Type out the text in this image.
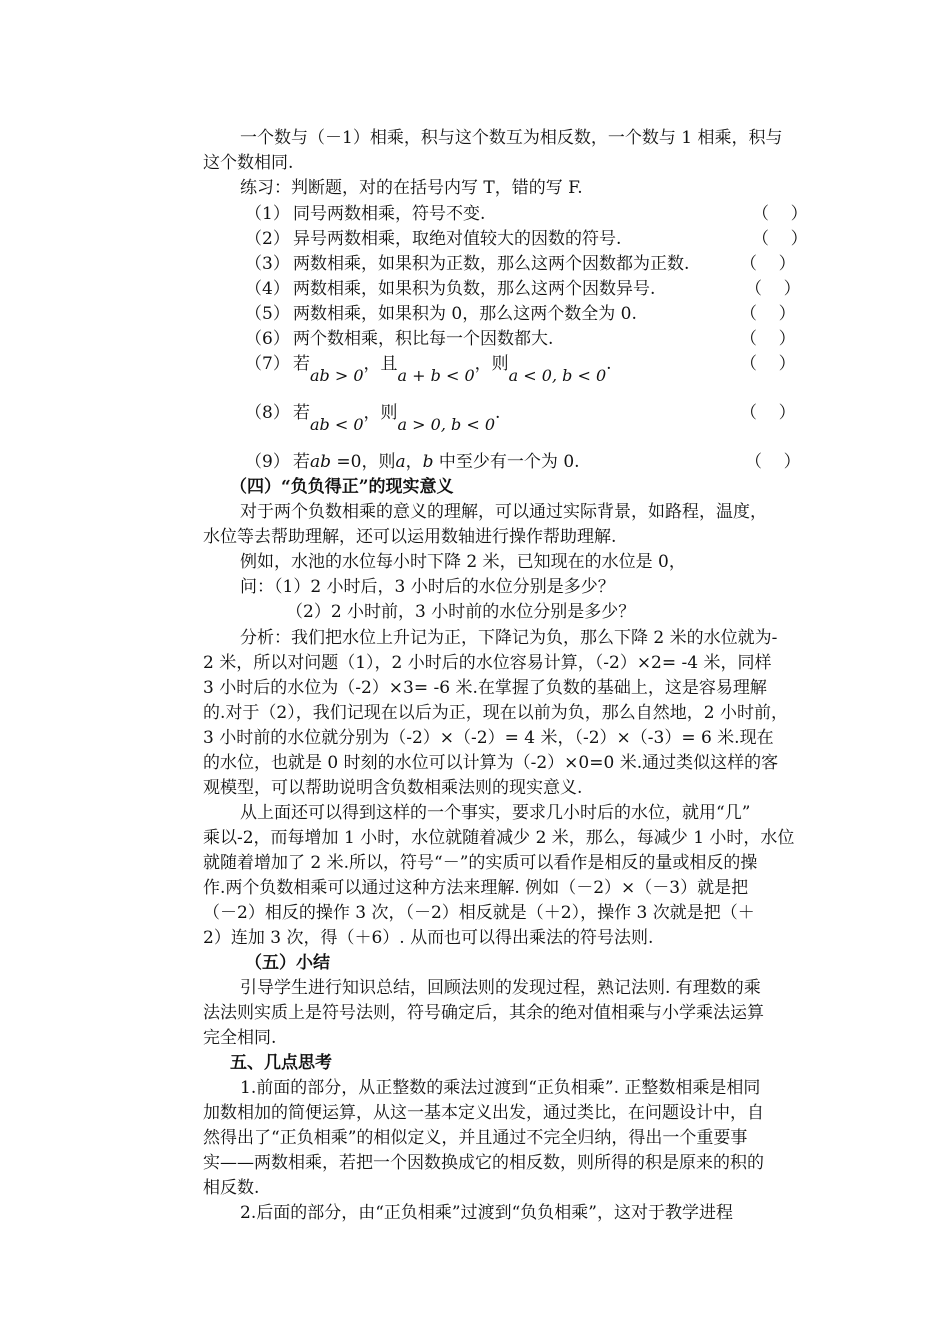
一个数与（－1）相乘，积与这个数互为相反数，一个数与 1 相乘，积与
这个数相同.
练习：判断题，对的在括号内写 T，错的写 F.
（1） 同号两数相乘，符号不变.	（    ）
（2） 异号两数相乘，取绝对值较大的因数的符号.	（    ）
（3） 两数相乘，如果积为正数，那么这两个因数都为正数.	（    ）
（4） 两数相乘，如果积为负数，那么这两个因数异号.	（    ）
（5） 两数相乘，如果积为 0，那么这两个数全为 0.	（    ）
（6） 两个数相乘，积比每一个因数都大.	（    ）
（7） 若ab > 0，且a + b < 0，则a < 0, b < 0.	（    ）
（8） 若ab < 0，则a > 0, b < 0.	（    ）
（9） 若ab =0，则a，b 中至少有一个为 0.	（    ）
（四）“负负得正”的现实意义
对于两个负数相乘的意义的理解，可以通过实际背景，如路程，温度，
水位等去帮助理解，还可以运用数轴进行操作帮助理解.
例如，水池的水位每小时下降 2 米，已知现在的水位是 0，
问：（1）2 小时后，3 小时后的水位分别是多少？
（2）2 小时前，3 小时前的水位分别是多少？
分析：我们把水位上升记为正，下降记为负，那么下降 2 米的水位就为-
2 米，所以对问题（1），2 小时后的水位容易计算，（-2）×2= -4 米，同样
3 小时后的水位为（-2）×3= -6 米.在掌握了负数的基础上，这是容易理解
的.对于（2），我们记现在以后为正，现在以前为负，那么自然地，2 小时前，
3 小时前的水位就分别为（-2）×（-2）= 4 米，（-2）×（-3）= 6 米.现在
的水位，也就是 0 时刻的水位可以计算为（-2）×0=0 米.通过类似这样的客
观模型，可以帮助说明含负数相乘法则的现实意义.
从上面还可以得到这样的一个事实，要求几小时后的水位，就用“几”
乘以-2，而每增加 1 小时，水位就随着减少 2 米，那么，每减少 1 小时，水位
就随着增加了 2 米.所以，符号“－”的实质可以看作是相反的量或相反的操
作.两个负数相乘可以通过这种方法来理解. 例如（－2）×（－3）就是把
（－2）相反的操作 3 次，（－2）相反就是（＋2），操作 3 次就是把（＋
2）连加 3 次，得（＋6）. 从而也可以得出乘法的符号法则.
（五）小结
引导学生进行知识总结，回顾法则的发现过程，熟记法则. 有理数的乘
法法则实质上是符号法则，符号确定后，其余的绝对值相乘与小学乘法运算
完全相同.
五、几点思考
1.前面的部分，从正整数的乘法过渡到“正负相乘”. 正整数相乘是相同
加数相加的简便运算，从这一基本定义出发，通过类比，在问题设计中，自
然得出了“正负相乘”的相似定义，并且通过不完全归纳，得出一个重要事
实——两数相乘，若把一个因数换成它的相反数，则所得的积是原来的积的
相反数.
2.后面的部分，由“正负相乘”过渡到“负负相乘”，这对于教学进程
